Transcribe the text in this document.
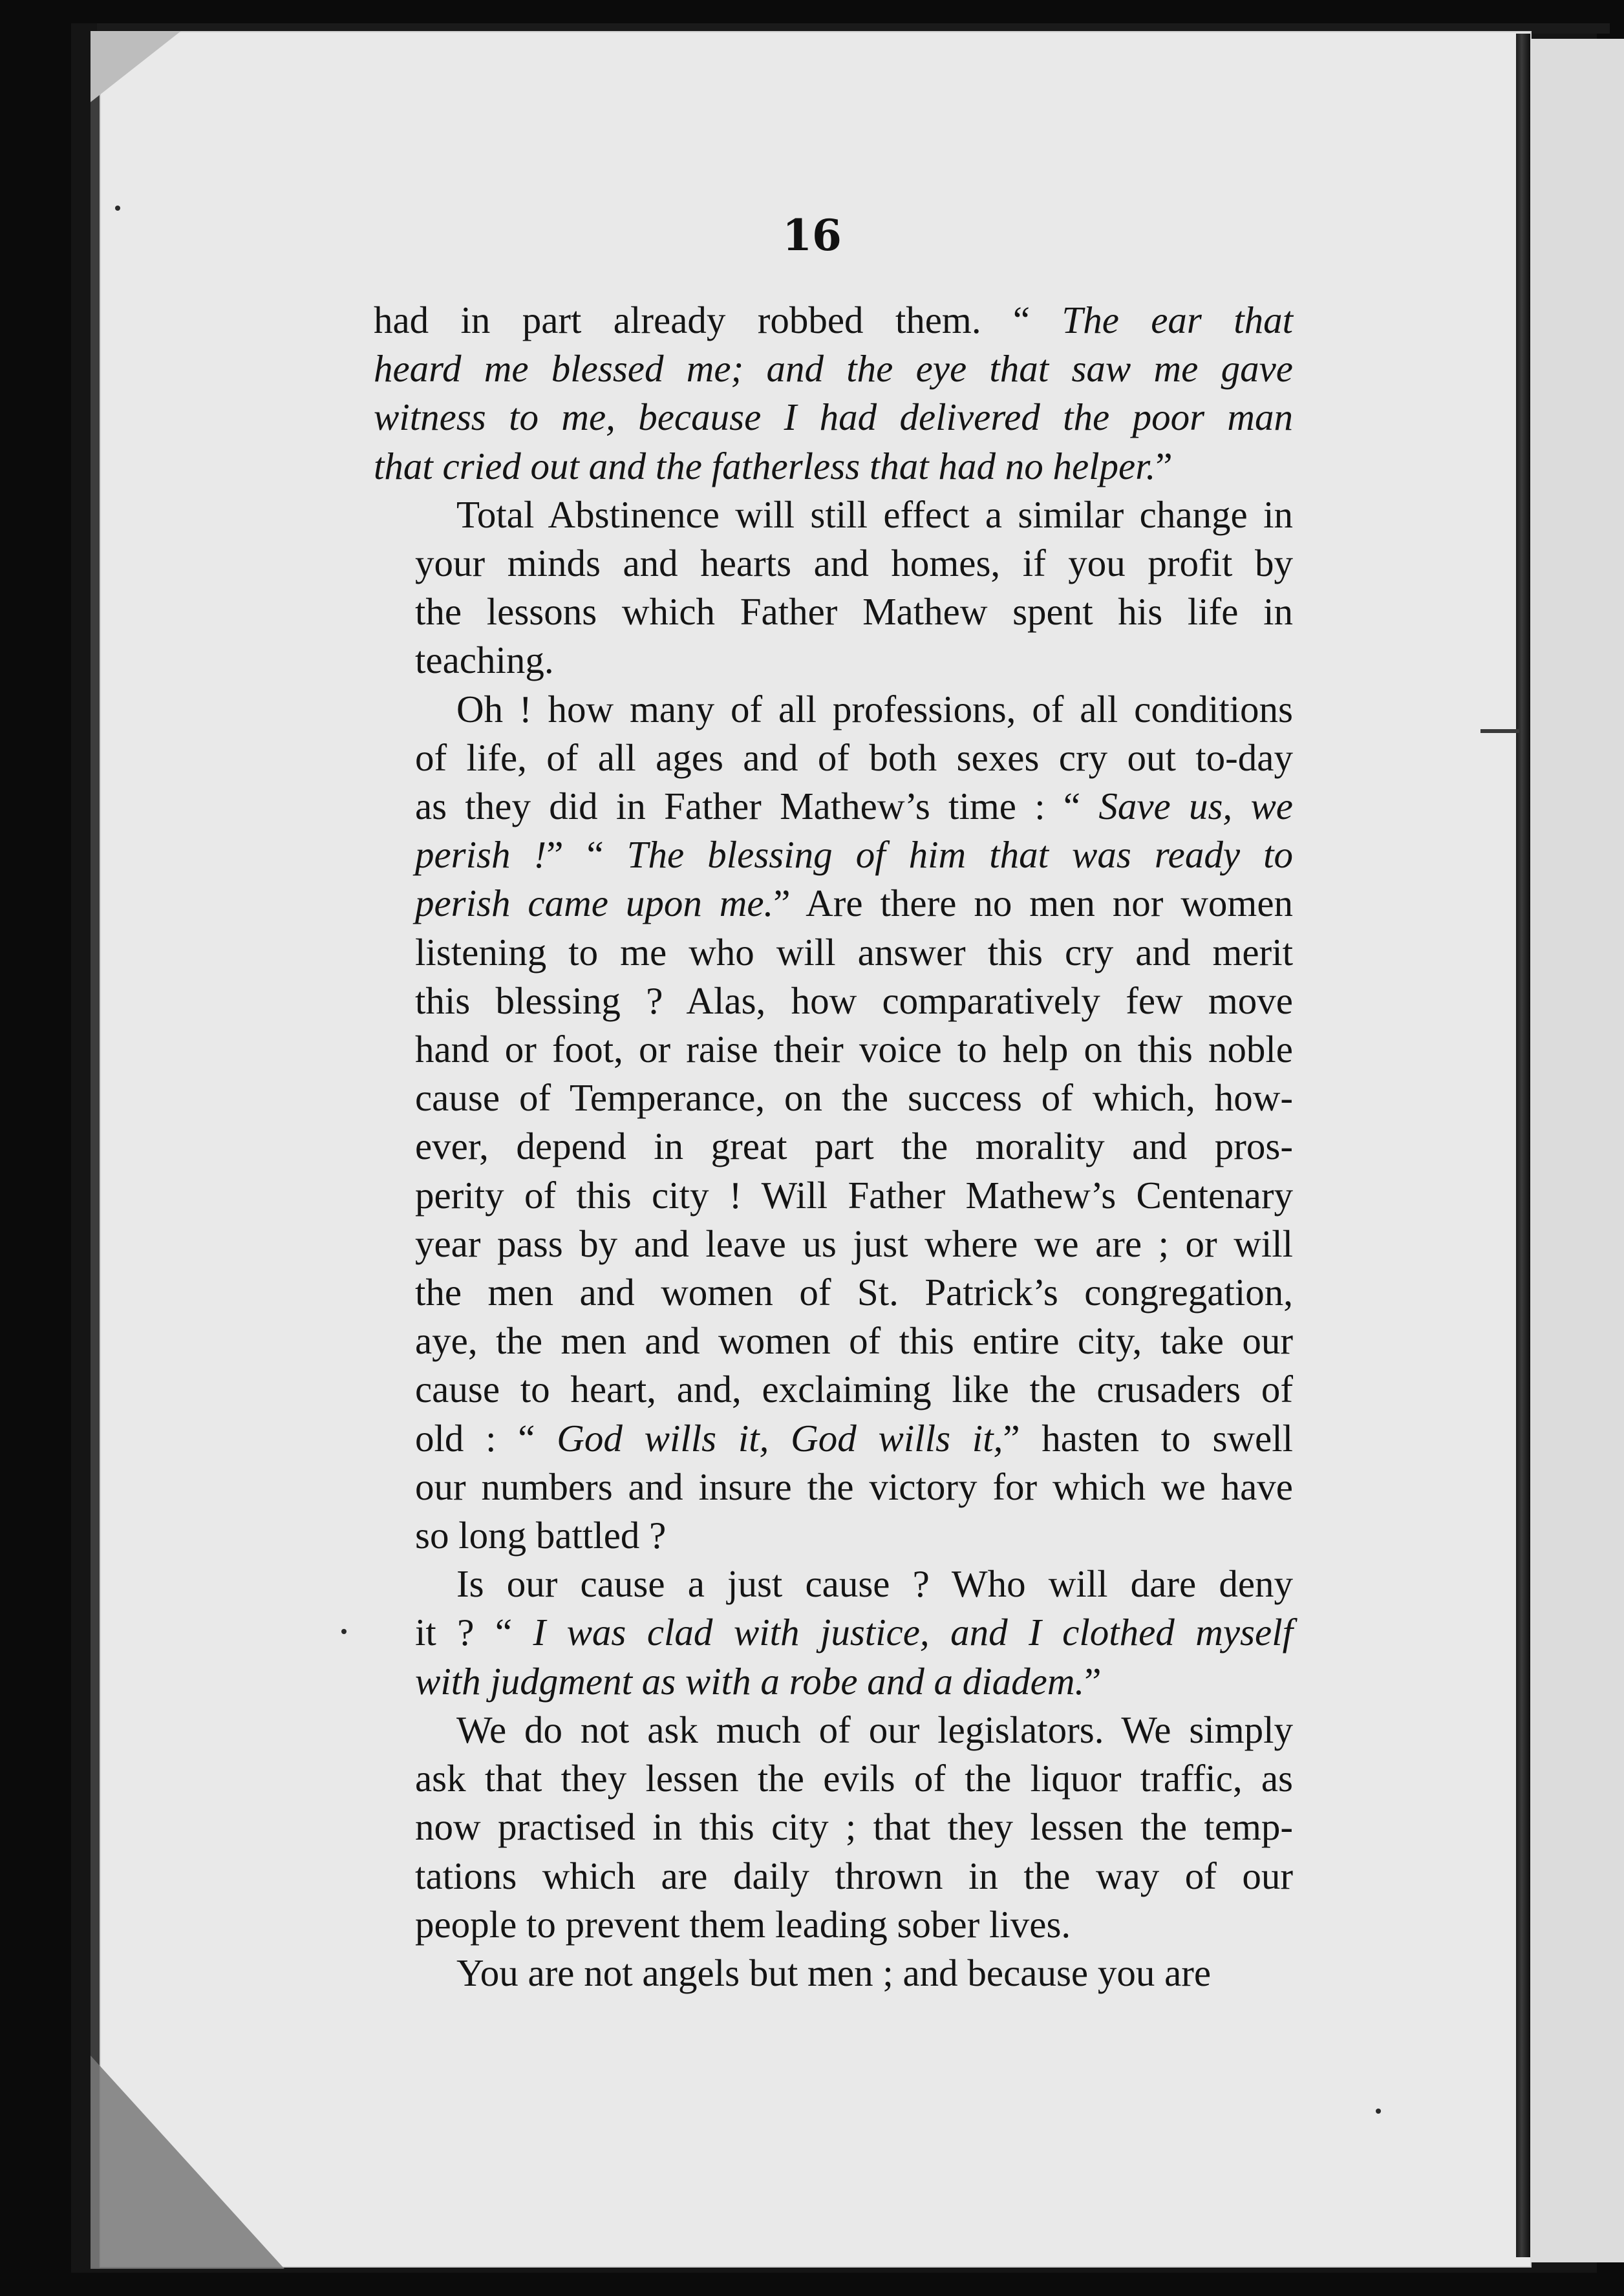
16
had in part already robbed them. “ The ear that
heard me blessed me; and the eye that saw me gave
witness to me, because I had delivered the poor man
that cried out and the fatherless that had no helper.”
Total Abstinence will still effect a similar change in
your minds and hearts and homes, if you profit by
the lessons which Father Mathew spent his life in
teaching.
Oh ! how many of all professions, of all conditions
of life, of all ages and of both sexes cry out to-day
as they did in Father Mathew’s time : “ Save us, we
perish !” “ The blessing of him that was ready to
perish came upon me.” Are there no men nor women
listening to me who will answer this cry and merit
this blessing ? Alas, how comparatively few move
hand or foot, or raise their voice to help on this noble
cause of Temperance, on the success of which, how-
ever, depend in great part the morality and pros-
perity of this city ! Will Father Mathew’s Centenary
year pass by and leave us just where we are ; or will
the men and women of St. Patrick’s congregation,
aye, the men and women of this entire city, take our
cause to heart, and, exclaiming like the crusaders of
old : “ God wills it, God wills it,” hasten to swell
our numbers and insure the victory for which we have
so long battled ?
Is our cause a just cause ? Who will dare deny
it ? “ I was clad with justice, and I clothed myself
with judgment as with a robe and a diadem.”
We do not ask much of our legislators. We simply
ask that they lessen the evils of the liquor traffic, as
now practised in this city ; that they lessen the temp-
tations which are daily thrown in the way of our
people to prevent them leading sober lives.
You are not angels but men ; and because you are
